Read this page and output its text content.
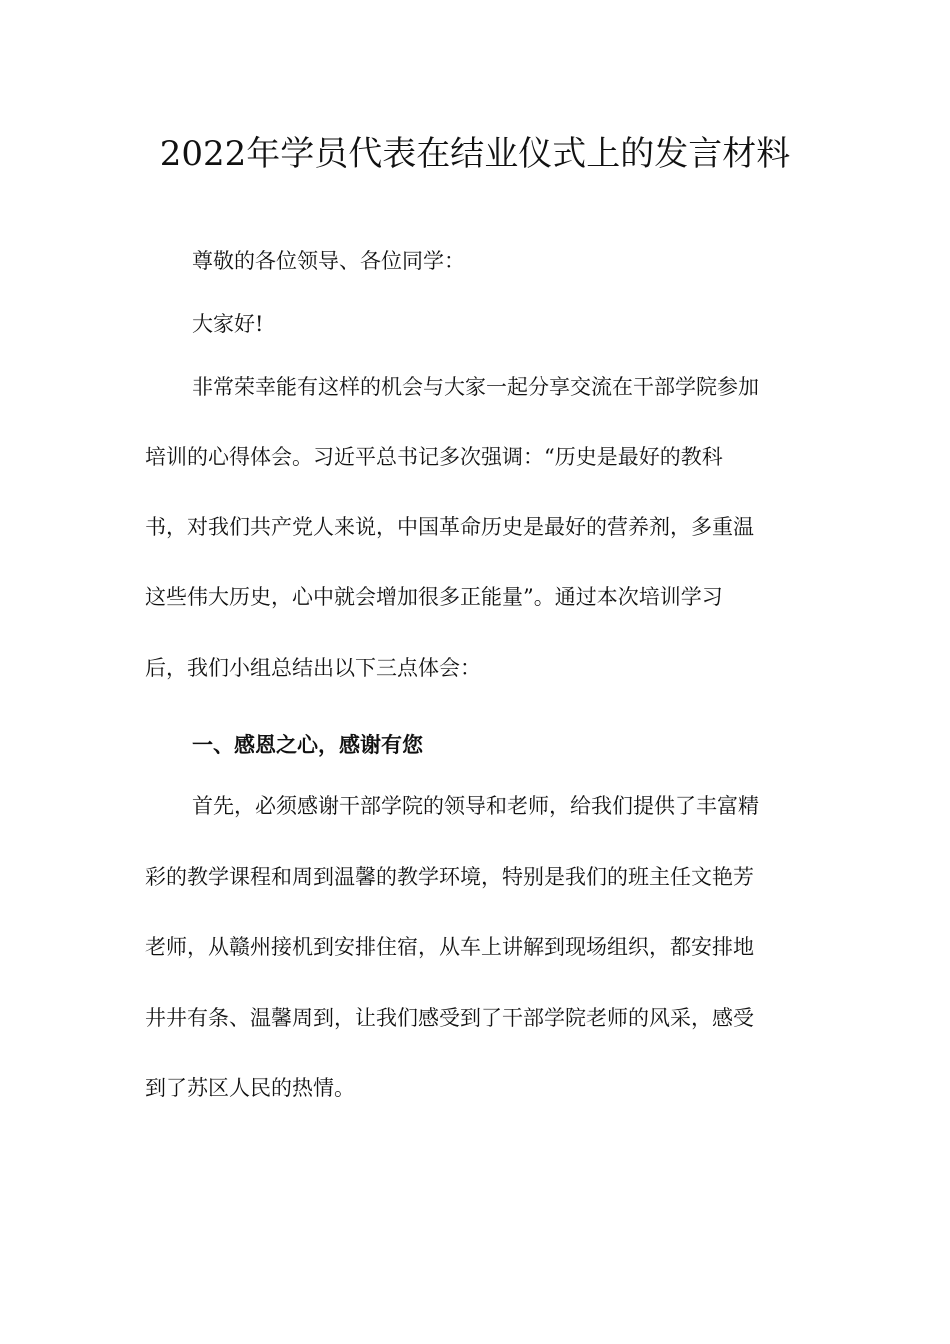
2022年学员代表在结业仪式上的发言材料
尊敬的各位领导、各位同学：
大家好!
非常荣幸能有这样的机会与大家一起分享交流在干部学院参加
培训的心得体会。习近平总书记多次强调：“历史是最好的教科
书，对我们共产党人来说，中国革命历史是最好的营养剂，多重温
这些伟大历史，心中就会增加很多正能量”。通过本次培训学习
后，我们小组总结出以下三点体会：
一、感恩之心，感谢有您
首先，必须感谢干部学院的领导和老师，给我们提供了丰富精
彩的教学课程和周到温馨的教学环境，特别是我们的班主任文艳芳
老师，从赣州接机到安排住宿，从车上讲解到现场组织，都安排地
井井有条、温馨周到，让我们感受到了干部学院老师的风采，感受
到了苏区人民的热情。
